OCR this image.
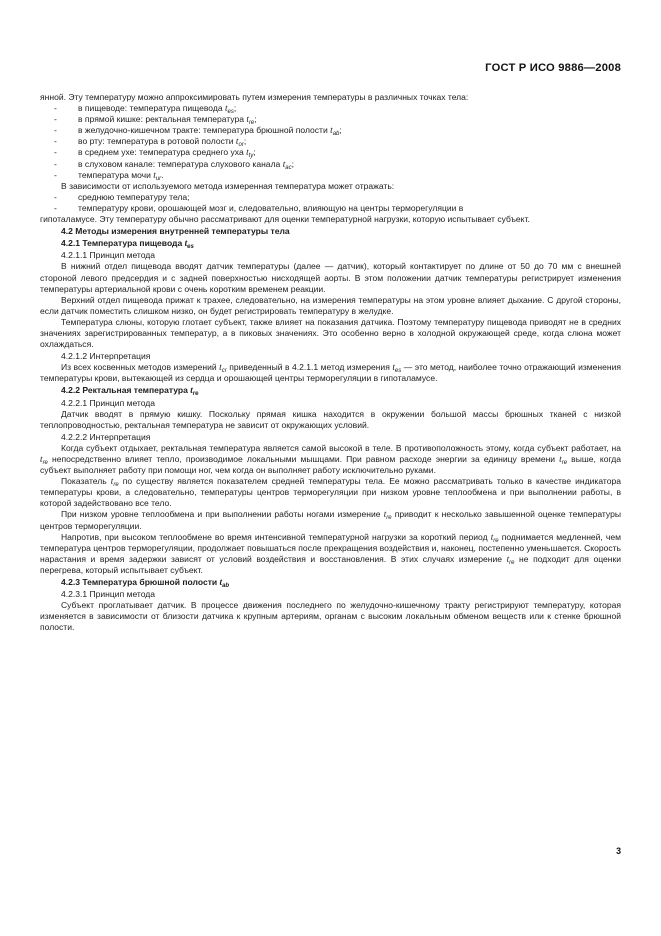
ГОСТ Р ИСО 9886—2008

янной. Эту температуру можно аппроксимировать путем измерения температуры в различных точках тела:

- в пищеводе: температура пищевода $t_{es}$;

- в прямой кишке: ректальная температура $t_{re}$;

- в желудочно-кишечном тракте: температура брюшной полости $t_{ab}$;

- во рту: температура в ротовой полости $t_{or}$;

- в среднем ухе: температура среднего уха $t_{ty}$;

- в слуховом канале: температура слухового канала $t_{ac}$;

- температура мочи $t_{ur}$.

В зависимости от используемого метода измеренная температура может отражать:

- среднюю температуру тела;

- температуру крови, орошающей мозг и, следовательно, влияющую на центры терморегуляции в

гипоталамусе. Эту температуру обычно рассматривают для оценки температурной нагрузки, которую испытывает субъект.

4.2 Методы измерения внутренней температуры тела

4.2.1 Температура пищевода $t_{es}$

4.2.1.1 Принцип метода

В нижний отдел пищевода вводят датчик температуры (далее — датчик), который контактирует по длине от 50 до 70 мм с внешней стороной левого предсердия и с задней поверхностью нисходящей аорты. В этом положении датчик температуры регистрирует изменения температуры артериальной крови с очень коротким временем реакции.

Верхний отдел пищевода прижат к трахее, следовательно, на измерения температуры на этом уровне влияет дыхание. С другой стороны, если датчик поместить слишком низко, он будет регистрировать температуру в желудке.

Температура слюны, которую глотает субъект, также влияет на показания датчика. Поэтому температуру пищевода приводят не в средних значениях зарегистрированных температур, а в пиковых значениях. Это особенно верно в холодной окружающей среде, когда слюна может охлаждаться.

4.2.1.2 Интерпретация

Из всех косвенных методов измерений $t_{cr}$ приведенный в 4.2.1.1 метод измерения $t_{es}$ — это метод, наиболее точно отражающий изменения температуры крови, вытекающей из сердца и орошающей центры терморегуляции в гипоталамусе.

4.2.2 Ректальная температура $t_{re}$

4.2.2.1 Принцип метода

Датчик вводят в прямую кишку. Поскольку прямая кишка находится в окружении большой массы брюшных тканей с низкой теплопроводностью, ректальная температура не зависит от окружающих условий.

4.2.2.2 Интерпретация

Когда субъект отдыхает, ректальная температура является самой высокой в теле. В противоположность этому, когда субъект работает, на $t_{re}$ непосредственно влияет тепло, производимое локальными мышцами. При равном расходе энергии за единицу времени $t_{re}$ выше, когда субъект выполняет работу при помощи ног, чем когда он выполняет работу исключительно руками.

Показатель $t_{re}$ по существу является показателем средней температуры тела. Ее можно рассматривать только в качестве индикатора температуры крови, а следовательно, температуры центров терморегуляции при низком уровне теплообмена и при выполнении работы, в которой задействовано все тело.

При низком уровне теплообмена и при выполнении работы ногами измерение $t_{re}$ приводит к несколько завышенной оценке температуры центров терморегуляции.

Напротив, при высоком теплообмене во время интенсивной температурной нагрузки за короткий период $t_{re}$ поднимается медленней, чем температура центров терморегуляции, продолжает повышаться после прекращения воздействия и, наконец, постепенно уменьшается. Скорость нарастания и время задержки зависят от условий воздействия и восстановления. В этих случаях измерение $t_{re}$ не подходит для оценки перегрева, который испытывает субъект.

4.2.3 Температура брюшной полости $t_{ab}$

4.2.3.1 Принцип метода

Субъект проглатывает датчик. В процессе движения последнего по желудочно-кишечному тракту регистрируют температуру, которая изменяется в зависимости от близости датчика к крупным артериям, органам с высоким локальным обменом веществ или к стенке брюшной полости.

3
